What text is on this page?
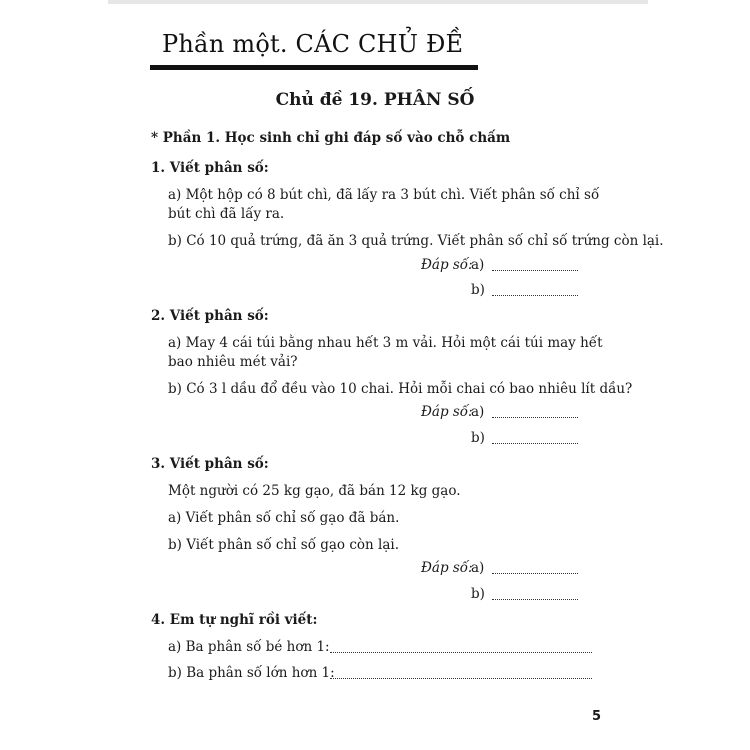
Phần một. CÁC CHỦ ĐỀ
Chủ đề 19. PHÂN SỐ
* Phần 1. Học sinh chỉ ghi đáp số vào chỗ chấm
1. Viết phân số:
a) Một hộp có 8 bút chì, đã lấy ra 3 bút chì. Viết phân số chỉ số bút chì đã lấy ra.
b) Có 10 quả trứng, đã ăn 3 quả trứng. Viết phân số chỉ số trứng còn lại.
Đáp số:
a)
b)
2. Viết phân số:
a) May 4 cái túi bằng nhau hết 3 m vải. Hỏi một cái túi may hết bao nhiêu mét vải?
b) Có 3 l dầu đổ đều vào 10 chai. Hỏi mỗi chai có bao nhiêu lít dầu?
Đáp số:
a)
b)
3. Viết phân số:
Một người có 25 kg gạo, đã bán 12 kg gạo.
a) Viết phân số chỉ số gạo đã bán.
b) Viết phân số chỉ số gạo còn lại.
Đáp số:
a)
b)
4. Em tự nghĩ rồi viết:
a) Ba phân số bé hơn 1:
b) Ba phân số lớn hơn 1:
5
